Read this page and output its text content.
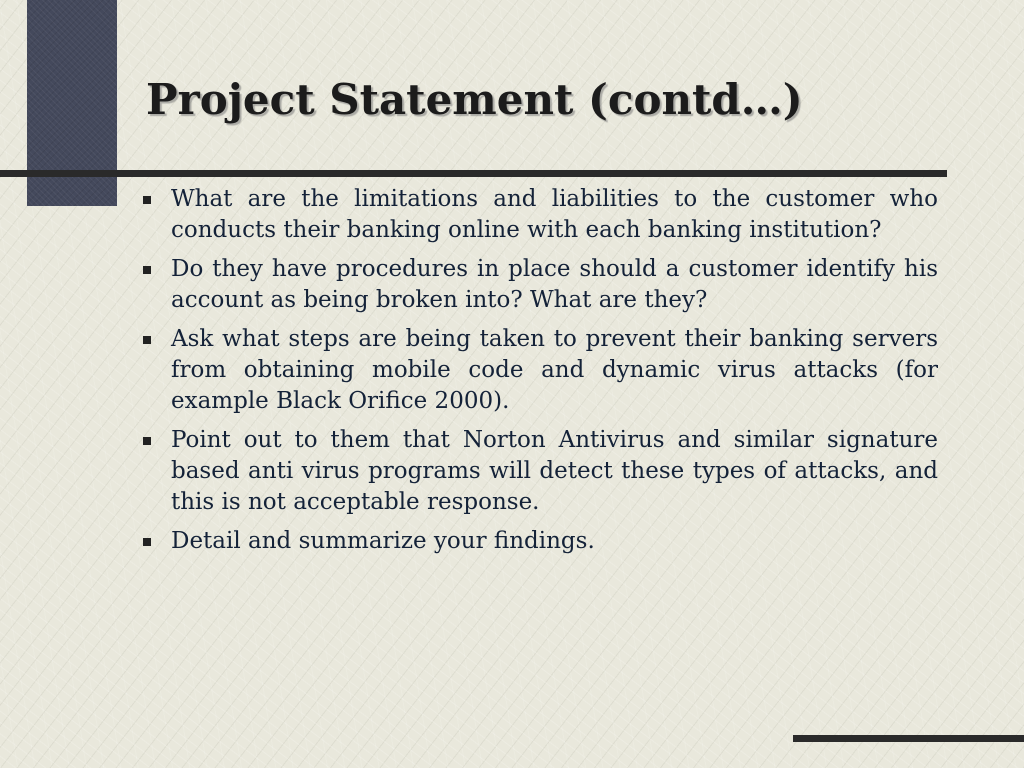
Project Statement (contd…)
What are the limitations and liabilities to the customer who conducts their banking online with each banking institution?
Do they have procedures in place should a customer identify his account as being broken into? What are they?
Ask what steps are being taken to prevent their banking servers from obtaining mobile code and dynamic virus attacks (for example Black Orifice 2000).
Point out to them that Norton Antivirus and similar signature based anti virus programs will detect these types of attacks, and this is not acceptable response.
Detail and summarize your findings.
